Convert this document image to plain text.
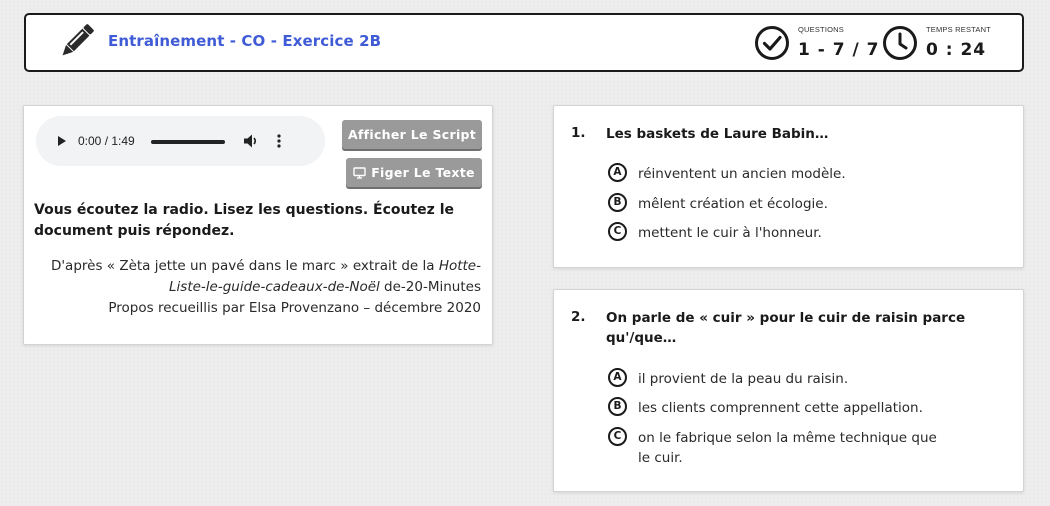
Entraînement - CO - Exercice 2B
QUESTIONS
1 - 7 / 7
TEMPS RESTANT
0 : 24
0:00 / 1:49	Afficher Le Script
Figer Le Texte
Vous écoutez la radio. Lisez les questions. Écoutez le document puis répondez.
D'après « Zèta jette un pavé dans le marc » extrait de la Hotte-Liste-le-guide-cadeaux-de-Noël de-20-Minutes
Propos recueillis par Elsa Provenzano – décembre 2020
1. Les baskets de Laure Babin…
A	réinventent un ancien modèle.
B	mêlent création et écologie.
C	mettent le cuir à l'honneur.
2. On parle de « cuir » pour le cuir de raisin parce qu'/que…
A	il provient de la peau du raisin.
B	les clients comprennent cette appellation.
C	on le fabrique selon la même technique que le cuir.
